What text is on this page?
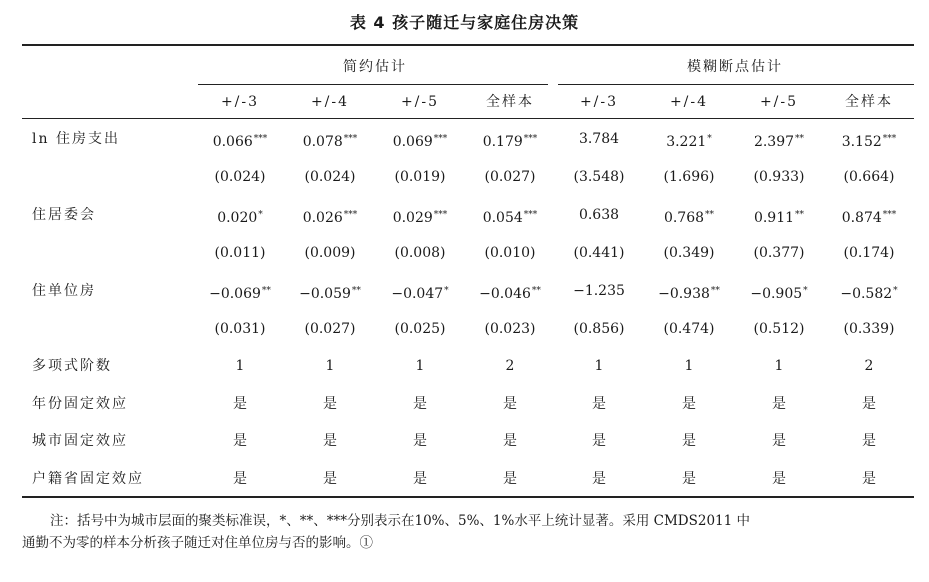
表 4 孩子随迁与家庭住房决策
简约估计	模糊断点估计
注：括号中为城市层面的聚类标准误，*、**、***分别表示在10%、5%、1%水平上统计显著。采用 CMDS2011 中
通勤不为零的样本分析孩子随迁对住单位房与否的影响。①
+/-3	+/-4	+/-5	全样本	+/-3	+/-4	+/-5	全样本
ln 住房支出	0.066***	0.078***	0.069***	0.179***	3.784	3.221*	2.397**	3.152***
(0.024)	(0.024)	(0.019)	(0.027)	(3.548)	(1.696)	(0.933)	(0.664)
住居委会	0.020*	0.026***	0.029***	0.054***	0.638	0.768**	0.911**	0.874***
(0.011)	(0.009)	(0.008)	(0.010)	(0.441)	(0.349)	(0.377)	(0.174)
住单位房	−0.069** −0.059** −0.047* −0.046** −1.235 −0.938** −0.905* −0.582*
(0.031)	(0.027)	(0.025)	(0.023)	(0.856)	(0.474)	(0.512)	(0.339)
多项式阶数	1	1	1	2	1	1	1	2
年份固定效应	是	是	是	是	是	是	是	是
城市固定效应	是	是	是	是	是	是	是	是
户籍省固定效应	是	是	是	是	是	是	是	是
